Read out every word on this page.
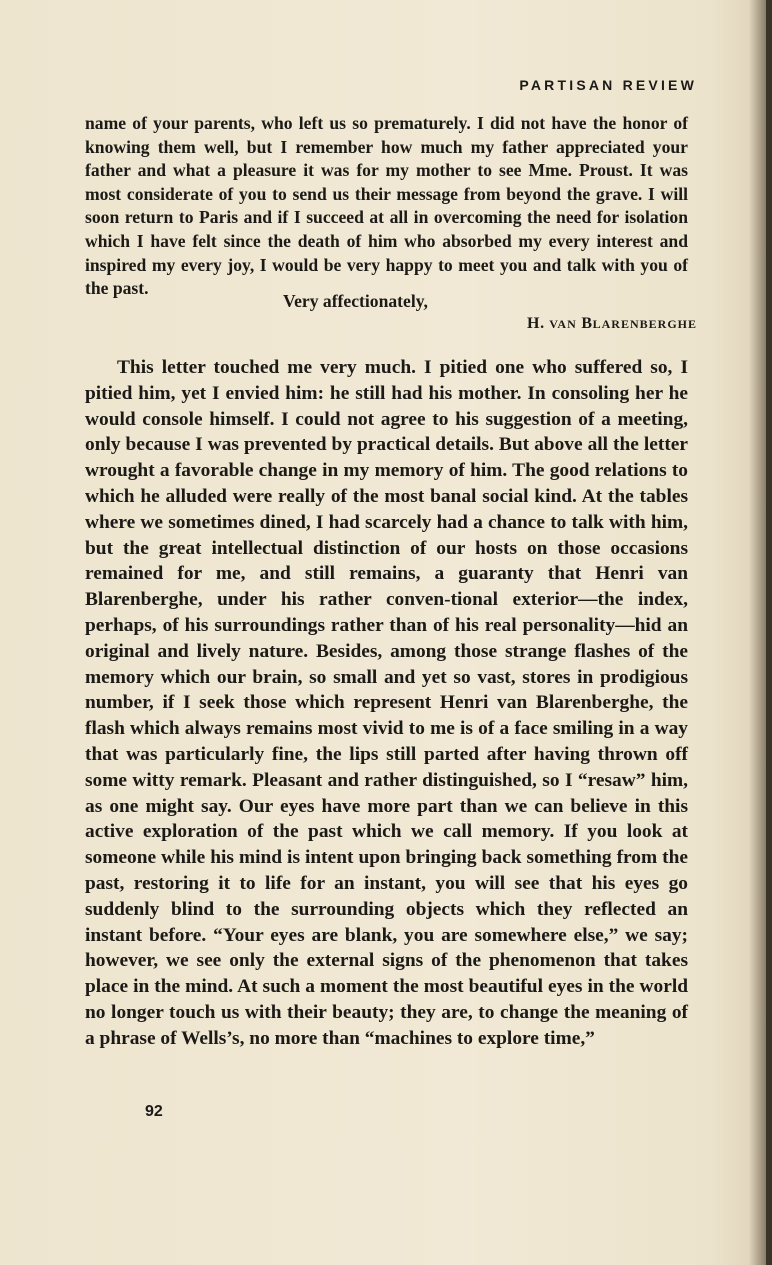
PARTISAN REVIEW

name of your parents, who left us so prematurely. I did not have the honor of knowing them well, but I remember how much my father appreciated your father and what a pleasure it was for my mother to see Mme. Proust. It was most considerate of you to send us their message from beyond the grave. I will soon return to Paris and if I succeed at all in overcoming the need for isolation which I have felt since the death of him who absorbed my every interest and inspired my every joy, I would be very happy to meet you and talk with you of the past.

Very affectionately,
H. VAN BLARENBERGHE

This letter touched me very much. I pitied one who suffered so, I pitied him, yet I envied him: he still had his mother. In consoling her he would console himself. I could not agree to his suggestion of a meeting, only because I was prevented by practical details. But above all the letter wrought a favorable change in my memory of him. The good relations to which he alluded were really of the most banal social kind. At the tables where we sometimes dined, I had scarcely had a chance to talk with him, but the great intellectual distinction of our hosts on those occasions remained for me, and still remains, a guaranty that Henri van Blarenberghe, under his rather conven-tional exterior—the index, perhaps, of his surroundings rather than of his real personality—hid an original and lively nature. Besides, among those strange flashes of the memory which our brain, so small and yet so vast, stores in prodigious number, if I seek those which represent Henri van Blarenberghe, the flash which always remains most vivid to me is of a face smiling in a way that was particularly fine, the lips still parted after having thrown off some witty remark. Pleasant and rather distinguished, so I “resaw” him, as one might say. Our eyes have more part than we can believe in this active exploration of the past which we call memory. If you look at someone while his mind is intent upon bringing back something from the past, restoring it to life for an instant, you will see that his eyes go suddenly blind to the surrounding objects which they reflected an instant before. “Your eyes are blank, you are somewhere else,” we say; however, we see only the external signs of the phenomenon that takes place in the mind. At such a moment the most beautiful eyes in the world no longer touch us with their beauty; they are, to change the meaning of a phrase of Wells’s, no more than “machines to explore time,”

92
